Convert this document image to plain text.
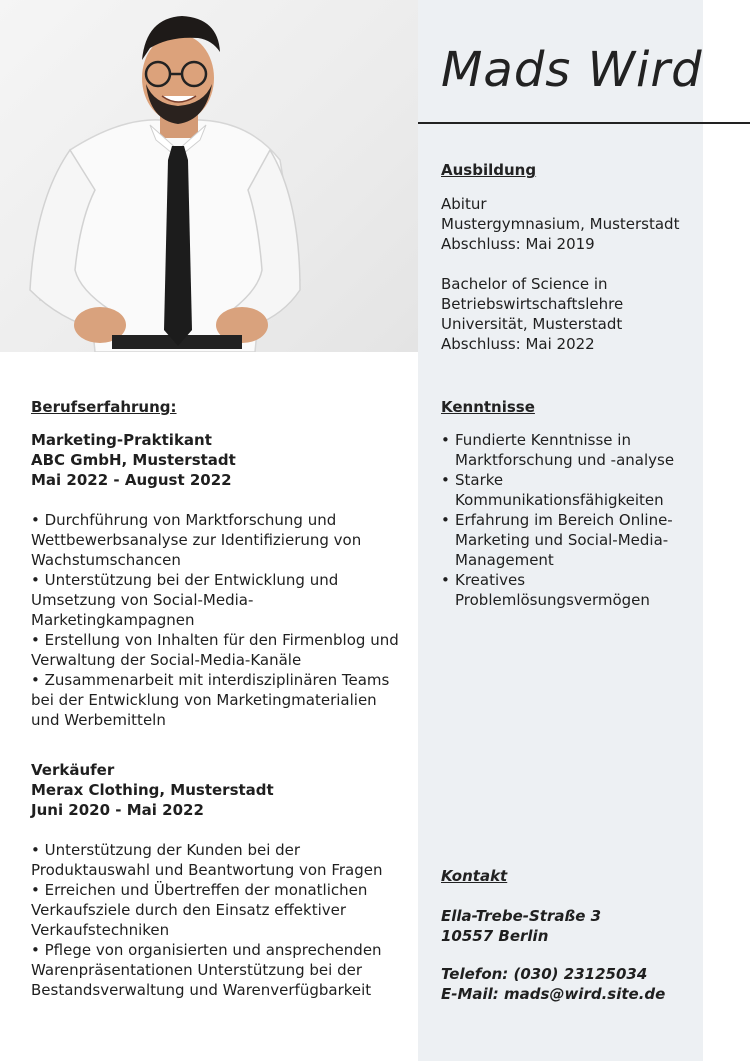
Mads Wird
Ausbildung
Abitur
Mustergymnasium, Musterstadt
Abschluss: Mai 2019
Bachelor of Science in
Betriebswirtschaftslehre
Universität, Musterstadt
Abschluss: Mai 2022
Berufserfahrung:
Marketing-Praktikant
ABC GmbH, Musterstadt
Mai 2022 - August 2022
• Durchführung von Marktforschung und Wettbewerbsanalyse zur Identifizierung von Wachstumschancen
• Unterstützung bei der Entwicklung und Umsetzung von Social-Media-Marketingkampagnen
• Erstellung von Inhalten für den Firmenblog und Verwaltung der Social-Media-Kanäle
• Zusammenarbeit mit interdisziplinären Teams bei der Entwicklung von Marketingmaterialien und Werbemitteln
Verkäufer
Merax Clothing, Musterstadt
Juni 2020 - Mai 2022
• Unterstützung der Kunden bei der Produktauswahl und Beantwortung von Fragen
• Erreichen und Übertreffen der monatlichen Verkaufsziele durch den Einsatz effektiver Verkaufstechniken
• Pflege von organisierten und ansprechenden Warenpräsentationen Unterstützung bei der Bestandsverwaltung und Warenverfügbarkeit
Kenntnisse
• Fundierte Kenntnisse in Marktforschung und -analyse
• Starke Kommunikationsfähigkeiten
• Erfahrung im Bereich Online-Marketing und Social-Media-Management
• Kreatives Problemlösungsvermögen
Kontakt
Ella-Trebe-Straße 3
10557 Berlin
Telefon: (030) 23125034
E-Mail: mads@wird.site.de
